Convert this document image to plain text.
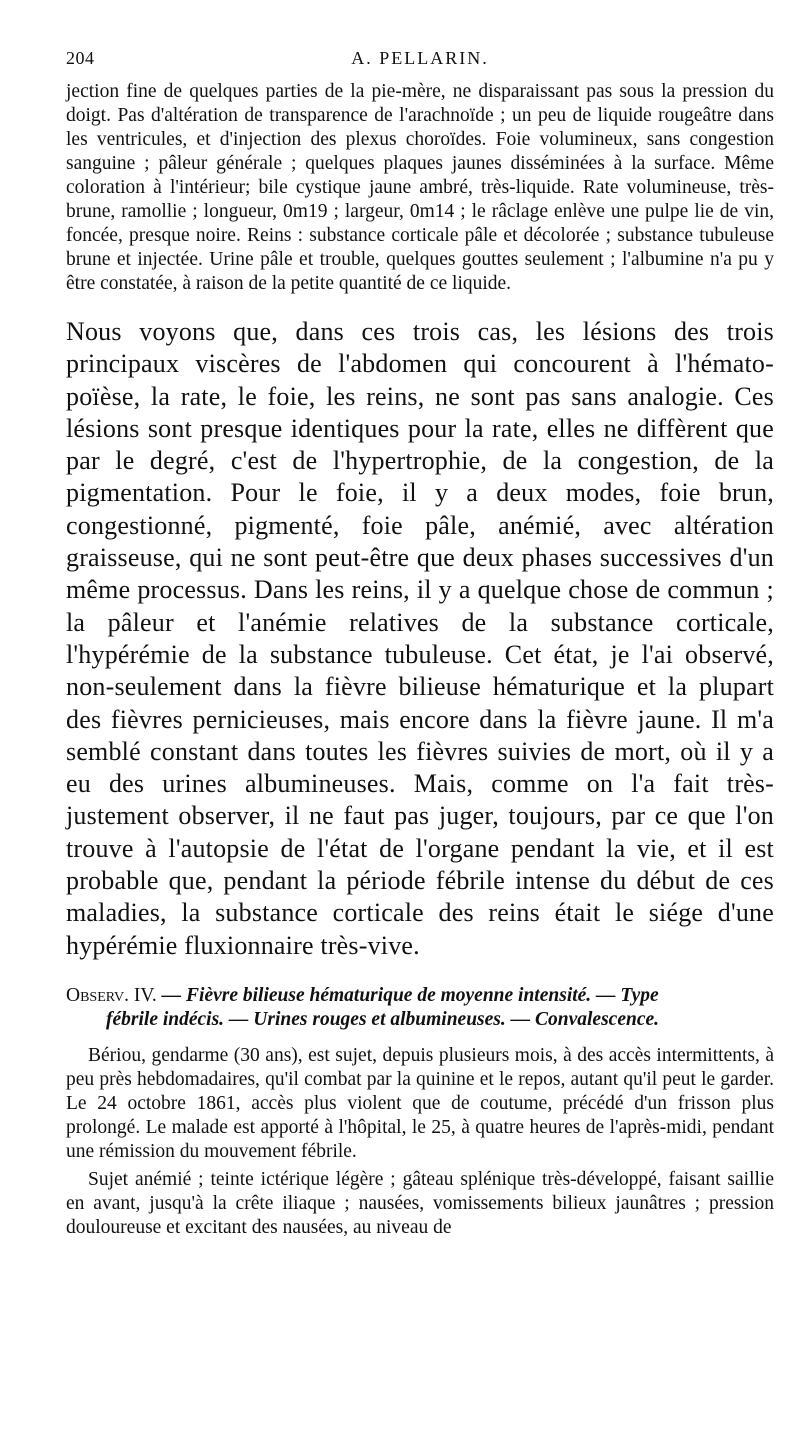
204	A. PELLARIN.

jection fine de quelques parties de la pie-mère, ne disparaissant pas sous la pression du doigt. Pas d'altération de transparence de l'arachnoïde ; un peu de liquide rougeâtre dans les ventricules, et d'injection des plexus choroïdes. Foie volumineux, sans congestion sanguine ; pâleur générale ; quelques plaques jaunes disséminées à la surface. Même coloration à l'intérieur; bile cystique jaune ambré, très-liquide. Rate volumineuse, très-brune, ramollie ; longueur, 0m19 ; largeur, 0m14 ; le râclage enlève une pulpe lie de vin, foncée, presque noire. Reins : substance corticale pâle et décolorée ; substance tubuleuse brune et injectée. Urine pâle et trouble, quelques gouttes seulement ; l'albumine n'a pu y être constatée, à raison de la petite quantité de ce liquide.

Nous voyons que, dans ces trois cas, les lésions des trois principaux viscères de l'abdomen qui concourent à l'hémato-poïèse, la rate, le foie, les reins, ne sont pas sans analogie. Ces lésions sont presque identiques pour la rate, elles ne diffèrent que par le degré, c'est de l'hypertrophie, de la congestion, de la pigmentation. Pour le foie, il y a deux modes, foie brun, congestionné, pigmenté, foie pâle, anémié, avec altération graisseuse, qui ne sont peut-être que deux phases successives d'un même processus. Dans les reins, il y a quelque chose de commun ; la pâleur et l'anémie relatives de la substance corticale, l'hypérémie de la substance tubuleuse. Cet état, je l'ai observé, non-seulement dans la fièvre bilieuse hématurique et la plupart des fièvres pernicieuses, mais encore dans la fièvre jaune. Il m'a semblé constant dans toutes les fièvres suivies de mort, où il y a eu des urines albumineuses. Mais, comme on l'a fait très-justement observer, il ne faut pas juger, toujours, par ce que l'on trouve à l'autopsie de l'état de l'organe pendant la vie, et il est probable que, pendant la période fébrile intense du début de ces maladies, la substance corticale des reins était le siége d'une hypérémie fluxionnaire très-vive.

Observ. IV. — Fièvre bilieuse hématurique de moyenne intensité. — Type
fébrile indécis. — Urines rouges et albumineuses. — Convalescence.

Bériou, gendarme (30 ans), est sujet, depuis plusieurs mois, à des accès intermittents, à peu près hebdomadaires, qu'il combat par la quinine et le repos, autant qu'il peut le garder. Le 24 octobre 1861, accès plus violent que de coutume, précédé d'un frisson plus prolongé. Le malade est apporté à l'hôpital, le 25, à quatre heures de l'après-midi, pendant une rémission du mouvement fébrile.

Sujet anémié ; teinte ictérique légère ; gâteau splénique très-développé, faisant saillie en avant, jusqu'à la crête iliaque ; nausées, vomissements bilieux jaunâtres ; pression douloureuse et excitant des nausées, au niveau de
